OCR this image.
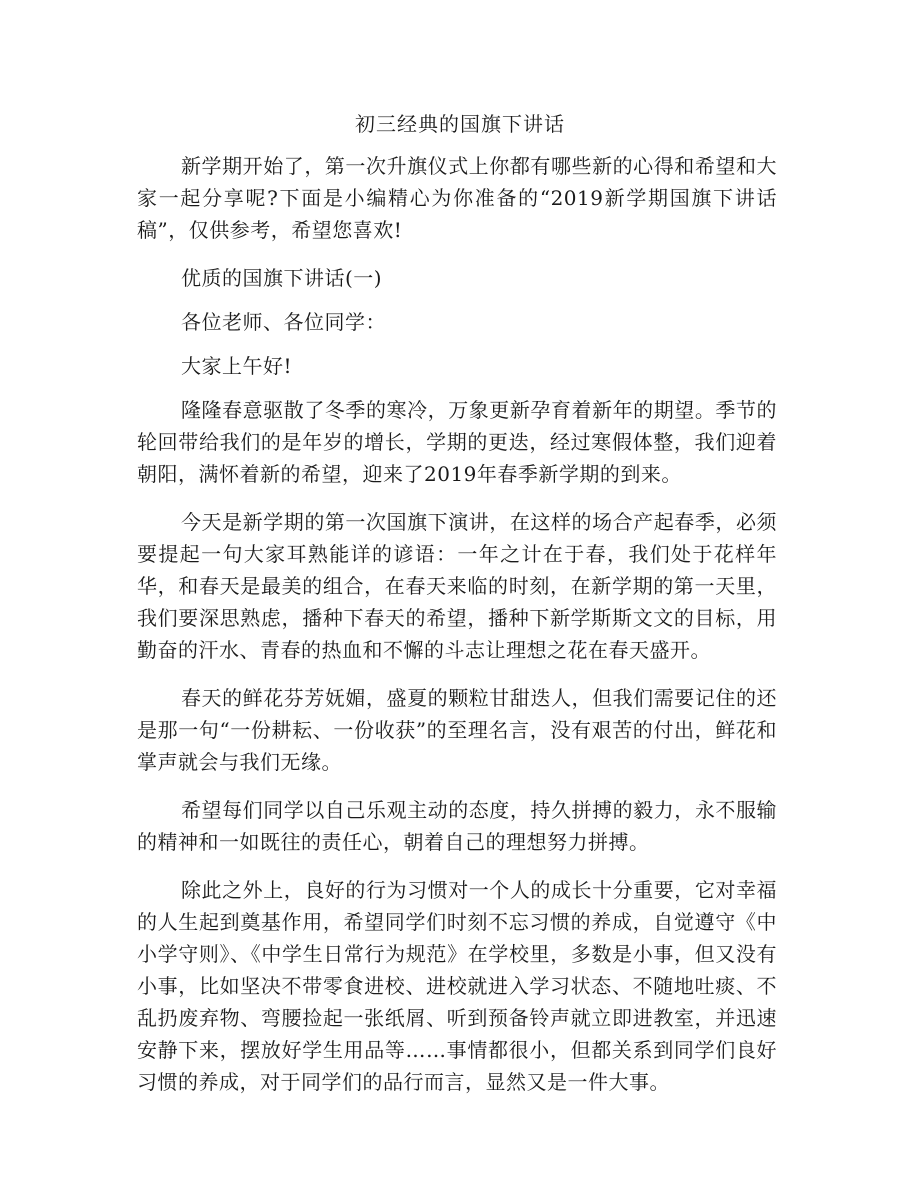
初三经典的国旗下讲话

新学期开始了，第一次升旗仪式上你都有哪些新的心得和希望和大家一起分享呢?下面是小编精心为你准备的“2019新学期国旗下讲话稿”，仅供参考，希望您喜欢!

优质的国旗下讲话(一)

各位老师、各位同学：

大家上午好!

隆隆春意驱散了冬季的寒冷，万象更新孕育着新年的期望。季节的轮回带给我们的是年岁的增长，学期的更迭，经过寒假体整，我们迎着朝阳，满怀着新的希望，迎来了2019年春季新学期的到来。

今天是新学期的第一次国旗下演讲，在这样的场合产起春季，必须要提起一句大家耳熟能详的谚语：一年之计在于春，我们处于花样年华，和春天是最美的组合，在春天来临的时刻，在新学期的第一天里，我们要深思熟虑，播种下春天的希望，播种下新学斯斯文文的目标，用勤奋的汗水、青春的热血和不懈的斗志让理想之花在春天盛开。

春天的鲜花芬芳妩媚，盛夏的颗粒甘甜迭人，但我们需要记住的还是那一句“一份耕耘、一份收获”的至理名言，没有艰苦的付出，鲜花和掌声就会与我们无缘。

希望每们同学以自己乐观主动的态度，持久拼搏的毅力，永不服输的精神和一如既往的责任心，朝着自己的理想努力拼搏。

除此之外上，良好的行为习惯对一个人的成长十分重要，它对幸福的人生起到奠基作用，希望同学们时刻不忘习惯的养成，自觉遵守《中小学守则》、《中学生日常行为规范》在学校里，多数是小事，但又没有小事，比如坚决不带零食进校、进校就进入学习状态、不随地吐痰、不乱扔废弃物、弯腰捡起一张纸屑、听到预备铃声就立即进教室，并迅速安静下来，摆放好学生用品等……事情都很小，但都关系到同学们良好习惯的养成，对于同学们的品行而言，显然又是一件大事。
